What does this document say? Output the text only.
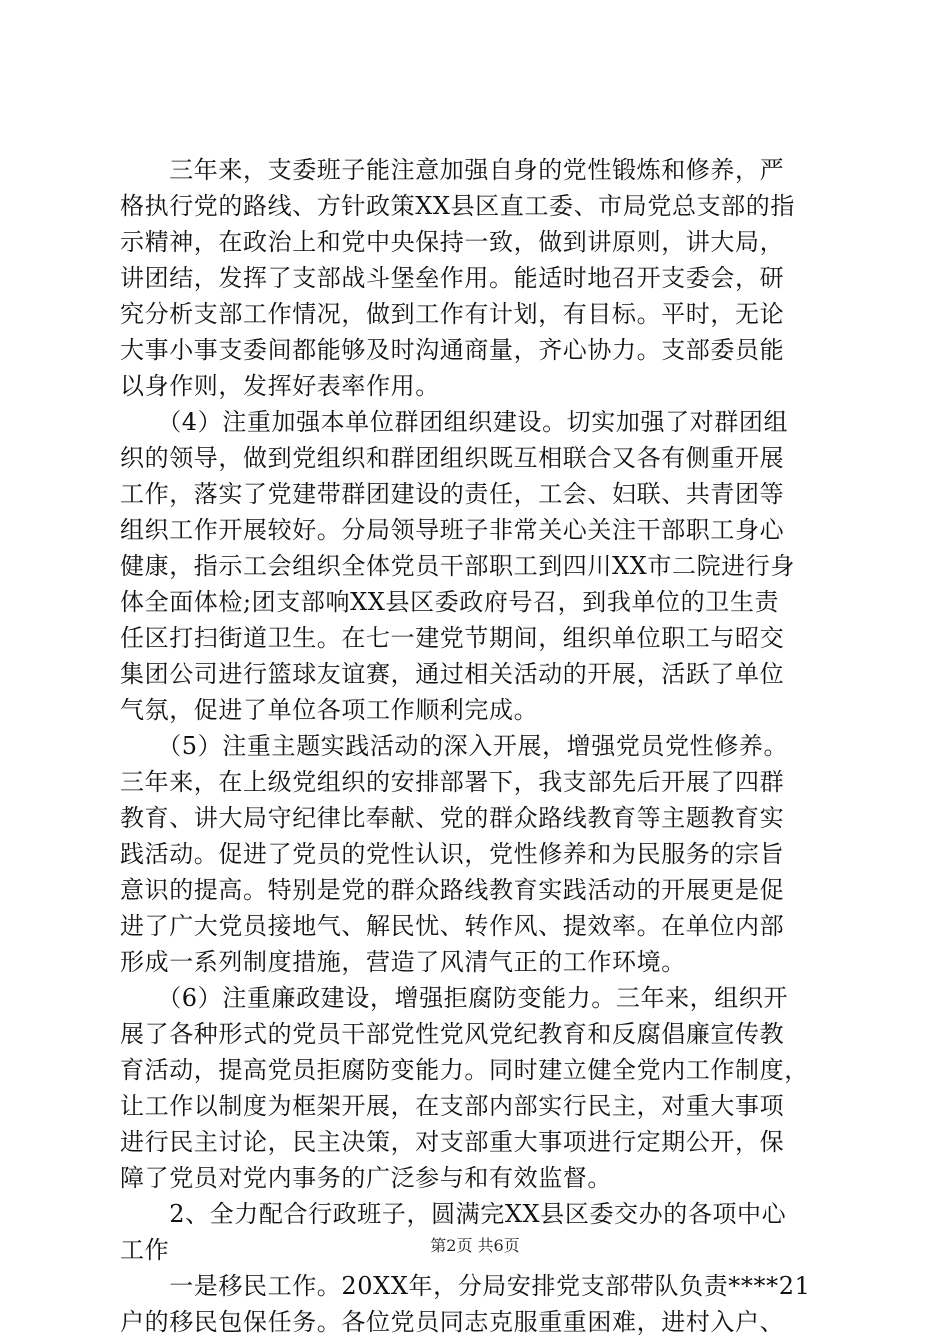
　　三年来，支委班子能注意加强自身的党性锻炼和修养，严
格执行党的路线、方针政策XX县区直工委、市局党总支部的指
示精神，在政治上和党中央保持一致，做到讲原则，讲大局，
讲团结，发挥了支部战斗堡垒作用。能适时地召开支委会，研
究分析支部工作情况，做到工作有计划，有目标。平时，无论
大事小事支委间都能够及时沟通商量，齐心协力。支部委员能
以身作则，发挥好表率作用。
　　（4）注重加强本单位群团组织建设。切实加强了对群团组
织的领导，做到党组织和群团组织既互相联合又各有侧重开展
工作，落实了党建带群团建设的责任，工会、妇联、共青团等
组织工作开展较好。分局领导班子非常关心关注干部职工身心
健康，指示工会组织全体党员干部职工到四川XX市二院进行身
体全面体检;团支部响XX县区委政府号召，到我单位的卫生责
任区打扫街道卫生。在七一建党节期间，组织单位职工与昭交
集团公司进行篮球友谊赛，通过相关活动的开展，活跃了单位
气氛，促进了单位各项工作顺利完成。
　　（5）注重主题实践活动的深入开展，增强党员党性修养。
三年来，在上级党组织的安排部署下，我支部先后开展了四群
教育、讲大局守纪律比奉献、党的群众路线教育等主题教育实
践活动。促进了党员的党性认识，党性修养和为民服务的宗旨
意识的提高。特别是党的群众路线教育实践活动的开展更是促
进了广大党员接地气、解民忧、转作风、提效率。在单位内部
形成一系列制度措施，营造了风清气正的工作环境。
　　（6）注重廉政建设，增强拒腐防变能力。三年来，组织开
展了各种形式的党员干部党性党风党纪教育和反腐倡廉宣传教
育活动，提高党员拒腐防变能力。同时建立健全党内工作制度，
让工作以制度为框架开展，在支部内部实行民主，对重大事项
进行民主讨论，民主决策，对支部重大事项进行定期公开，保
障了党员对党内事务的广泛参与和有效监督。
　　2、全力配合行政班子，圆满完XX县区委交办的各项中心
工作
　　一是移民工作。20XX年，分局安排党支部带队负责****21
户的移民包保任务。各位党员同志克服重重困难，进村入户、
第2页 共6页
